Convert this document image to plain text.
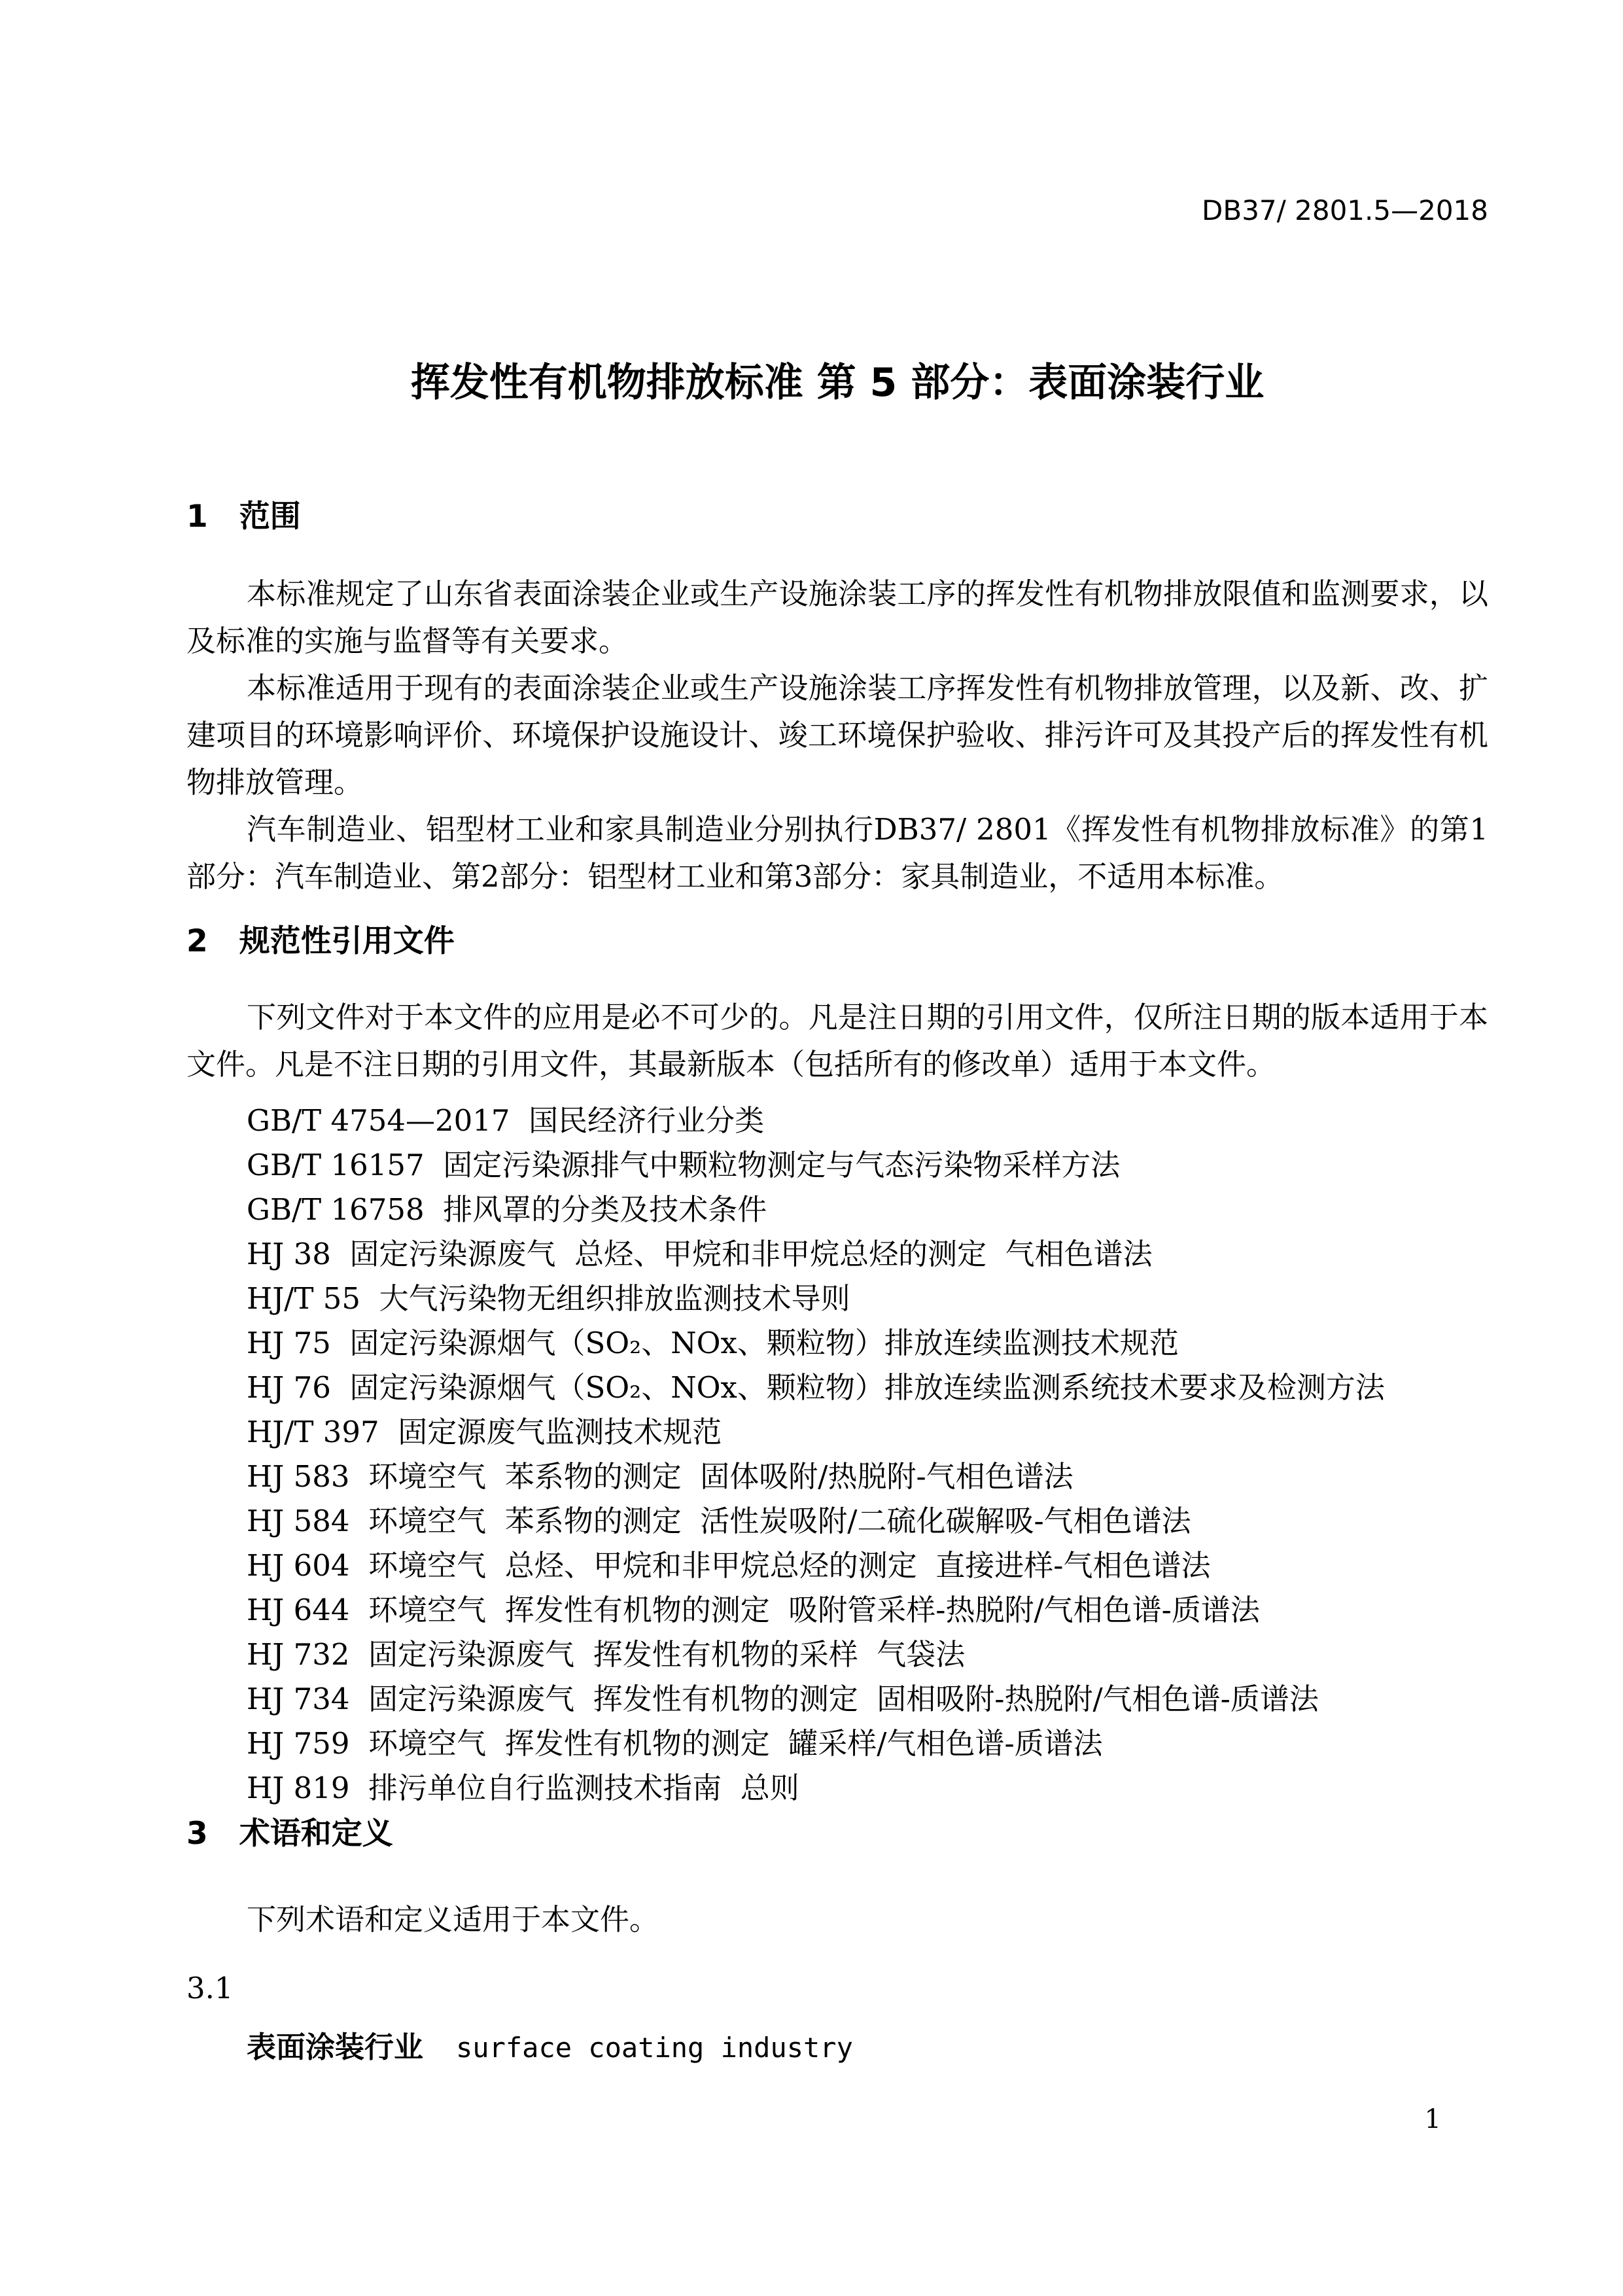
DB37/ 2801.5—2018
挥发性有机物排放标准 第 5 部分：表面涂装行业
1 范围

本标准规定了山东省表面涂装企业或生产设施涂装工序的挥发性有机物排放限值和监测要求，以及标准的实施与监督等有关要求。

本标准适用于现有的表面涂装企业或生产设施涂装工序挥发性有机物排放管理，以及新、改、扩建项目的环境影响评价、环境保护设施设计、竣工环境保护验收、排污许可及其投产后的挥发性有机物排放管理。

汽车制造业、铝型材工业和家具制造业分别执行DB37/ 2801《挥发性有机物排放标准》的第1部分：汽车制造业、第2部分：铝型材工业和第3部分：家具制造业，不适用本标准。

2 规范性引用文件

下列文件对于本文件的应用是必不可少的。凡是注日期的引用文件，仅所注日期的版本适用于本文件。凡是不注日期的引用文件，其最新版本（包括所有的修改单）适用于本文件。

GB/T 4754—2017  国民经济行业分类
GB/T 16157  固定污染源排气中颗粒物测定与气态污染物采样方法
GB/T 16758  排风罩的分类及技术条件
HJ 38  固定污染源废气  总烃、甲烷和非甲烷总烃的测定  气相色谱法
HJ/T 55  大气污染物无组织排放监测技术导则
HJ 75  固定污染源烟气（SO₂、NOx、颗粒物）排放连续监测技术规范
HJ 76  固定污染源烟气（SO₂、NOx、颗粒物）排放连续监测系统技术要求及检测方法
HJ/T 397  固定源废气监测技术规范
HJ 583  环境空气  苯系物的测定  固体吸附/热脱附-气相色谱法
HJ 584  环境空气  苯系物的测定  活性炭吸附/二硫化碳解吸-气相色谱法
HJ 604  环境空气  总烃、甲烷和非甲烷总烃的测定  直接进样-气相色谱法
HJ 644  环境空气  挥发性有机物的测定  吸附管采样-热脱附/气相色谱-质谱法
HJ 732  固定污染源废气  挥发性有机物的采样  气袋法
HJ 734  固定污染源废气  挥发性有机物的测定  固相吸附-热脱附/气相色谱-质谱法
HJ 759  环境空气  挥发性有机物的测定  罐采样/气相色谱-质谱法
HJ 819  排污单位自行监测技术指南  总则
3 术语和定义

下列术语和定义适用于本文件。

3.1
表面涂装行业 surface coating industry
1
